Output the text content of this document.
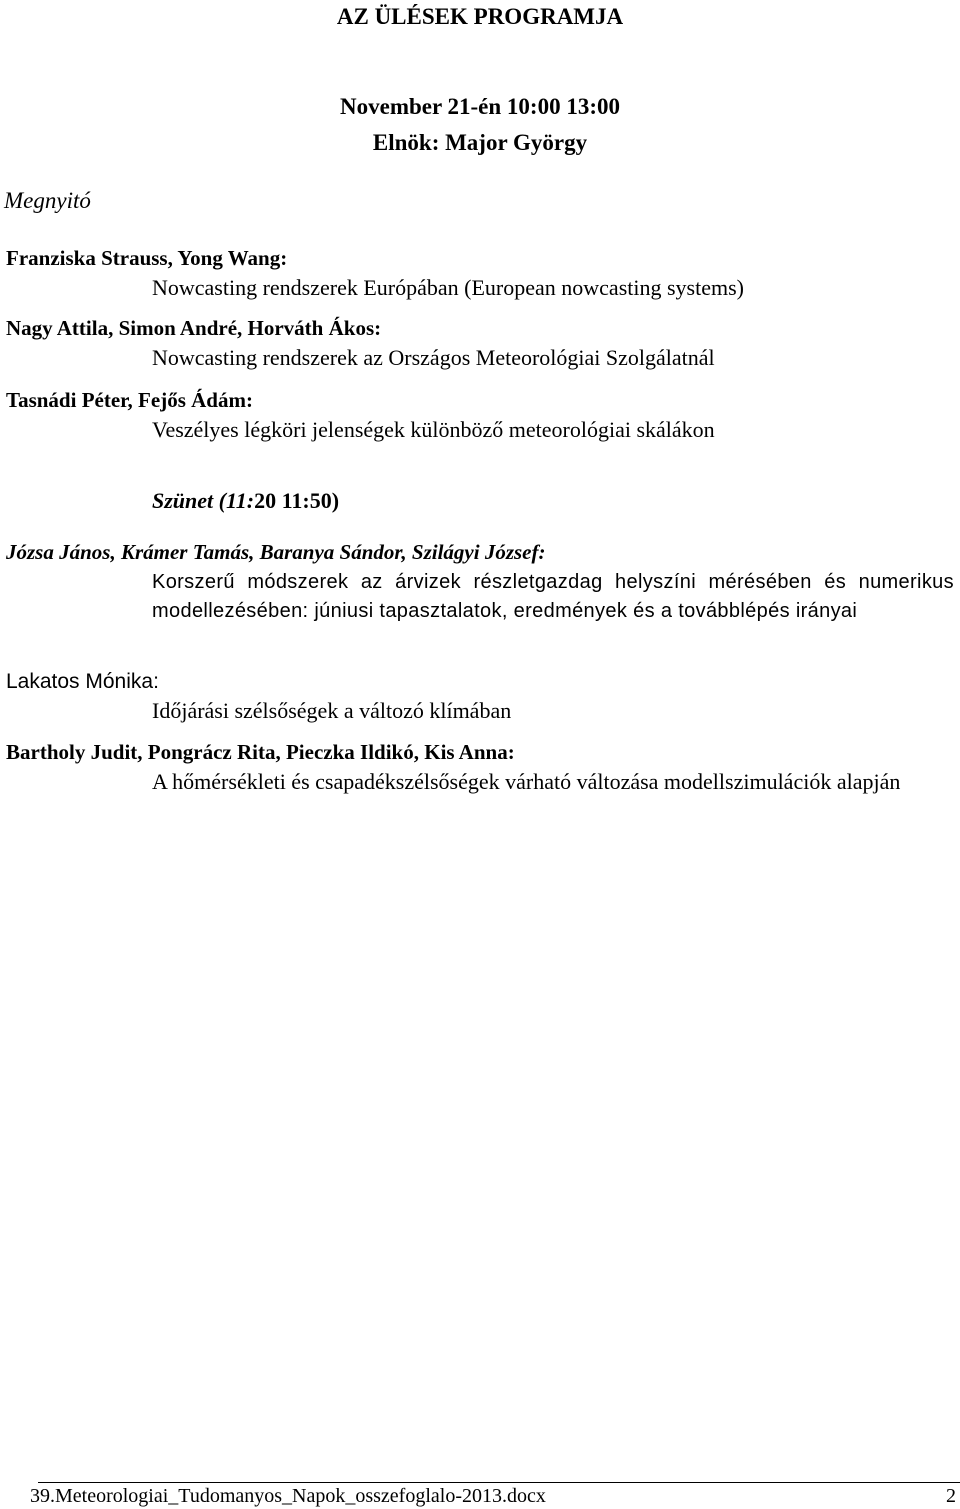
AZ ÜLÉSEK PROGRAMJA
November 21-én 10:00 13:00
Elnök: Major György
Megnyitó
Franziska Strauss, Yong Wang:
Nowcasting rendszerek Európában (European nowcasting systems)
Nagy Attila, Simon André, Horváth Ákos:
Nowcasting rendszerek az Országos Meteorológiai Szolgálatnál
Tasnádi Péter, Fejős Ádám:
Veszélyes légköri jelenségek különböző meteorológiai skálákon
Szünet (11:20 11:50)
Józsa János, Krámer Tamás, Baranya Sándor, Szilágyi József:
Korszerű módszerek az árvizek részletgazdag helyszíni mérésében és numerikus modellezésében: júniusi tapasztalatok, eredmények és a továbblépés irányai
Lakatos Mónika:
Időjárási szélsőségek a változó klímában
Bartholy Judit, Pongrácz Rita, Pieczka Ildikó, Kis Anna:
A hőmérsékleti és csapadékszélsőségek várható változása modellszimulációk alapján
39.Meteorologiai_Tudomanyos_Napok_osszefoglalo-2013.docx	2
